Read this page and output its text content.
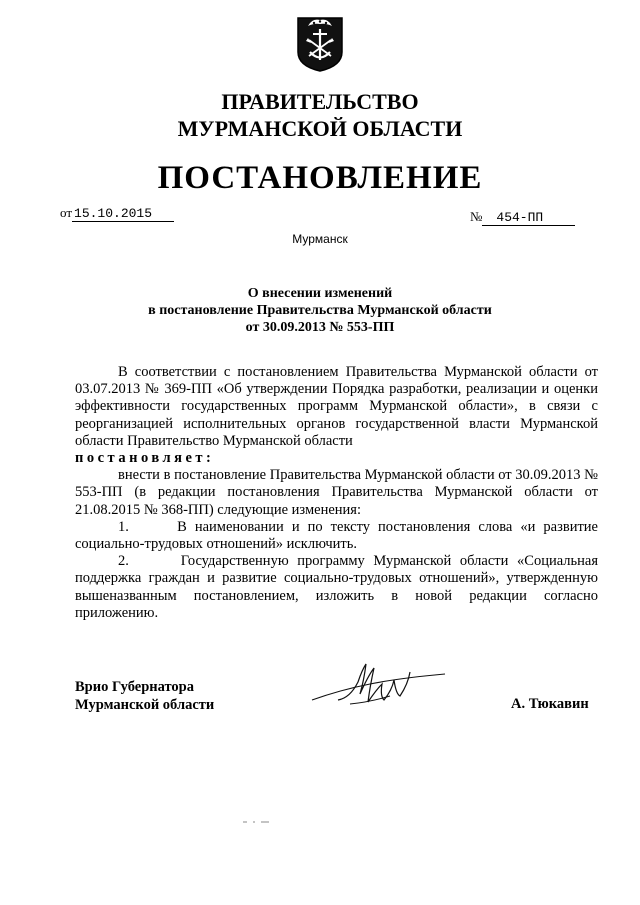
ПРАВИТЕЛЬСТВО
МУРМАНСКОЙ ОБЛАСТИ
ПОСТАНОВЛЕНИЕ
от 15.10.2015	№ 454-ПП
Мурманск
О внесении изменений
в постановление Правительства Мурманской области
от 30.09.2013 № 553-ПП

В соответствии с постановлением Правительства Мурманской области от 03.07.2013 № 369-ПП «Об утверждении Порядка разработки, реализации и оценки эффективности государственных программ Мурманской области», в связи с реорганизацией исполнительных органов государственной власти Мурманской области Правительство Мурманской области

постановляет:

внести в постановление Правительства Мурманской области от 30.09.2013 № 553-ПП (в редакции постановления Правительства Мурманской области от 21.08.2015 № 368-ПП) следующие изменения:

1.      В наименовании и по тексту постановления слова «и развитие социально-трудовых отношений» исключить.

2.      Государственную программу Мурманской области «Социальная поддержка граждан и развитие социально-трудовых отношений», утвержденную вышеназванным постановлением, изложить в новой редакции согласно приложению.

Врио Губернатора
Мурманской области	А. Тюкавин
